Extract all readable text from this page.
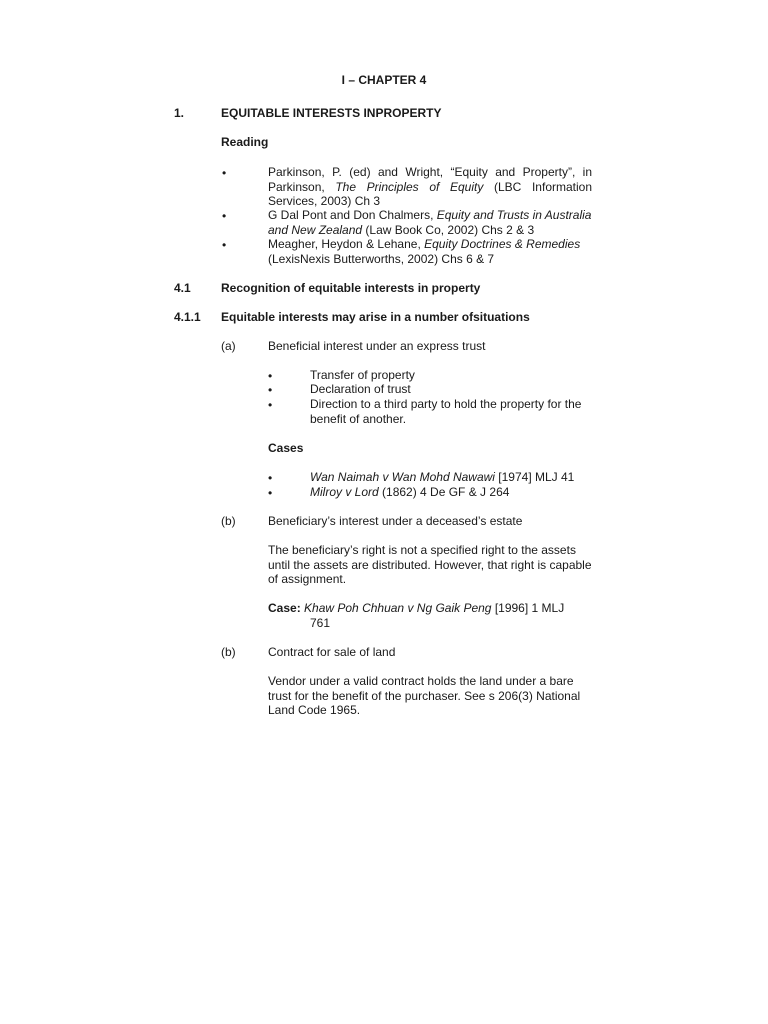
I – CHAPTER 4
1.	EQUITABLE INTERESTS INPROPERTY
Reading
•	Parkinson, P. (ed) and Wright, “Equity and Property”, in Parkinson, The Principles of Equity (LBC Information Services, 2003) Ch 3
•	G Dal Pont and Don Chalmers, Equity and Trusts in Australia and New Zealand (Law Book Co, 2002) Chs 2 & 3
•	Meagher, Heydon & Lehane, Equity Doctrines & Remedies (LexisNexis Butterworths, 2002) Chs 6 & 7
4.1	Recognition of equitable interests in property
4.1.1 Equitable interests may arise in a number ofsituations
(a)	Beneficial interest under an express trust
•	Transfer of property
•	Declaration of trust
•	Direction to a third party to hold the property for the benefit of another.
Cases
•	Wan Naimah v Wan Mohd Nawawi [1974] MLJ 41
•	Milroy v Lord (1862) 4 De GF & J 264
(b)	Beneficiary’s interest under a deceased’s estate
The beneficiary’s right is not a specified right to the assets until the assets are distributed. However, that right is capable of assignment.
Case: Khaw Poh Chhuan v Ng Gaik Peng [1996] 1 MLJ
761
(b)	Contract for sale of land
Vendor under a valid contract holds the land under a bare trust for the benefit of the purchaser. See s 206(3) National Land Code 1965.
